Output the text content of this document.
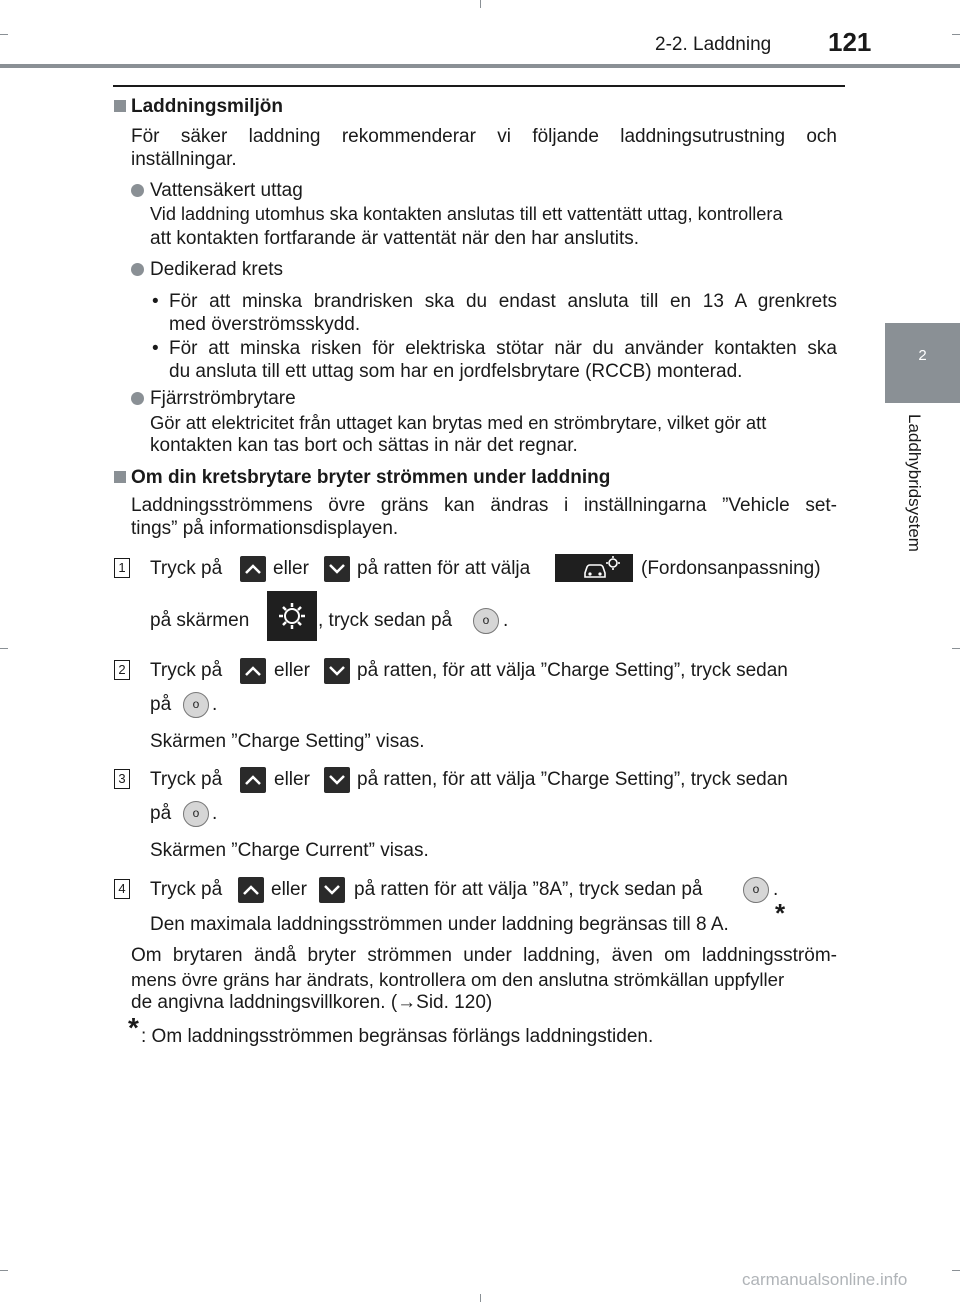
2-2. Laddning 121
2
Laddhybridsystem
Laddningsmiljön
För säker laddning rekommenderar vi följande laddningsutrustning och
inställningar.
Vattensäkert uttag
Vid laddning utomhus ska kontakten anslutas till ett vattentätt uttag, kontrollera
att kontakten fortfarande är vattentät när den har anslutits.
Dedikerad krets
• För att minska brandrisken ska du endast ansluta till en 13 A grenkrets
med överströmsskydd.
• För att minska risken för elektriska stötar när du använder kontakten ska
du ansluta till ett uttag som har en jordfelsbrytare (RCCB) monterad.
Fjärrströmbrytare
Gör att elektricitet från uttaget kan brytas med en strömbrytare, vilket gör att
kontakten kan tas bort och sättas in när det regnar.
Om din kretsbrytare bryter strömmen under laddning
Laddningsströmmens övre gräns kan ändras i inställningarna ”Vehicle set-
tings” på informationsdisplayen.
1 Tryck på	eller	på ratten för att välja	(Fordonsanpassning)
på skärmen	, tryck sedan på	o .
2 Tryck på	eller på ratten, för att välja ”Charge Setting”, tryck sedan
på	o .
Skärmen ”Charge Setting” visas.
3 Tryck på	eller på ratten, för att välja ”Charge Setting”, tryck sedan
på	o .
Skärmen ”Charge Current” visas.
4 Tryck på	eller på ratten för att välja ”8A”, tryck sedan på	o .
Den maximala laddningsströmmen under laddning begränsas till 8 A. *
Om brytaren ändå bryter strömmen under laddning, även om laddningsström-
mens övre gräns har ändrats, kontrollera om den anslutna strömkällan uppfyller
de angivna laddningsvillkoren. (→Sid. 120)
* : Om laddningsströmmen begränsas förlängs laddningstiden.
carmanualsonline.info
